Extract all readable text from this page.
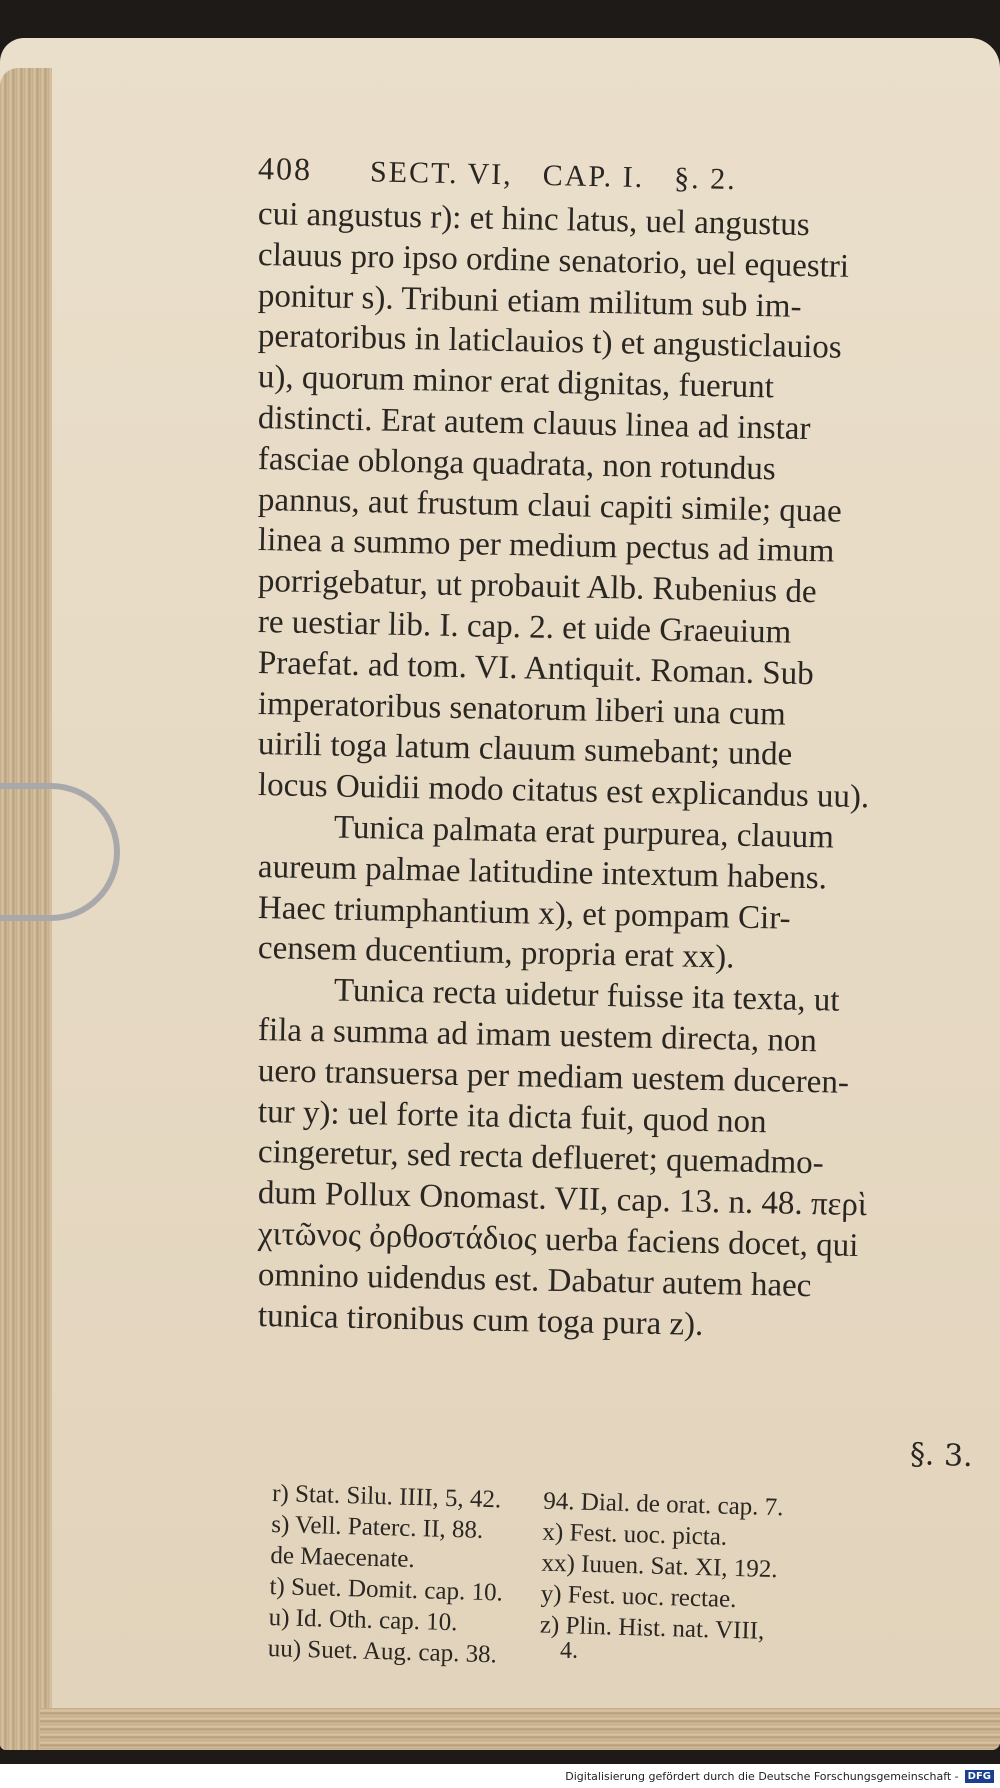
408 SECT. VI, CAP. I. §. 2.
cui angustus r): et hinc latus, uel angustus
clauus pro ipso ordine senatorio, uel equestri
ponitur s). Tribuni etiam militum sub im-
peratoribus in laticlauios t) et angusticlauios
u), quorum minor erat dignitas, fuerunt
distincti. Erat autem clauus linea ad instar
fasciae oblonga quadrata, non rotundus
pannus, aut frustum claui capiti simile; quae
linea a summo per medium pectus ad imum
porrigebatur, ut probauit Alb. Rubenius de
re uestiar lib. I. cap. 2. et uide Graeuium
Praefat. ad tom. VI. Antiquit. Roman. Sub
imperatoribus senatorum liberi una cum
uirili toga latum clauum sumebant; unde
locus Ouidii modo citatus est explicandus uu).
Tunica palmata erat purpurea, clauum
aureum palmae latitudine intextum habens.
Haec triumphantium x), et pompam Cir-
censem ducentium, propria erat xx).
Tunica recta uidetur fuisse ita texta, ut
fila a summa ad imam uestem directa, non
uero transuersa per mediam uestem duceren-
tur y): uel forte ita dicta fuit, quod non
cingeretur, sed recta deflueret; quemadmo-
dum Pollux Onomast. VII, cap. 13. n. 48. περὶ
χιτῶνος ὀρθοστάδιος uerba faciens docet, qui
omnino uidendus est. Dabatur autem haec
tunica tironibus cum toga pura z).
§. 3.
r) Stat. Silu. IIII, 5, 42.
s) Vell. Paterc. II, 88.
de Maecenate.
t) Suet. Domit. cap. 10.
u) Id. Oth. cap. 10.
uu) Suet. Aug. cap. 38.
94. Dial. de orat. cap. 7.
x) Fest. uoc. picta.
xx) Iuuen. Sat. XI, 192.
y) Fest. uoc. rectae.
z) Plin. Hist. nat. VIII,
4.
Digitalisierung gefördert durch die Deutsche Forschungsgemeinschaft - DFG
